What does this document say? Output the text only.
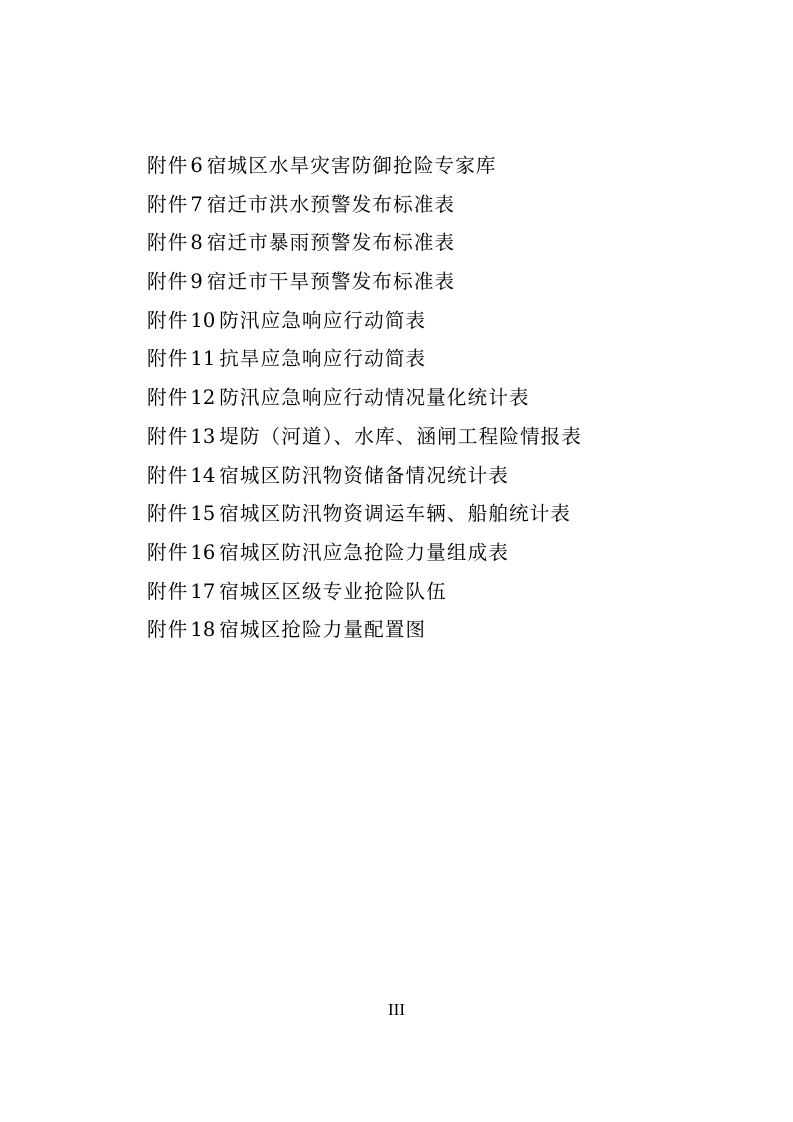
附件 6 宿城区水旱灾害防御抢险专家库
附件 7 宿迁市洪水预警发布标准表
附件 8 宿迁市暴雨预警发布标准表
附件 9 宿迁市干旱预警发布标准表
附件 10 防汛应急响应行动简表
附件 11 抗旱应急响应行动简表
附件 12 防汛应急响应行动情况量化统计表
附件 13 堤防（河道）、水库、涵闸工程险情报表
附件 14 宿城区防汛物资储备情况统计表
附件 15 宿城区防汛物资调运车辆、船舶统计表
附件 16 宿城区防汛应急抢险力量组成表
附件 17 宿城区区级专业抢险队伍
附件 18 宿城区抢险力量配置图
III
